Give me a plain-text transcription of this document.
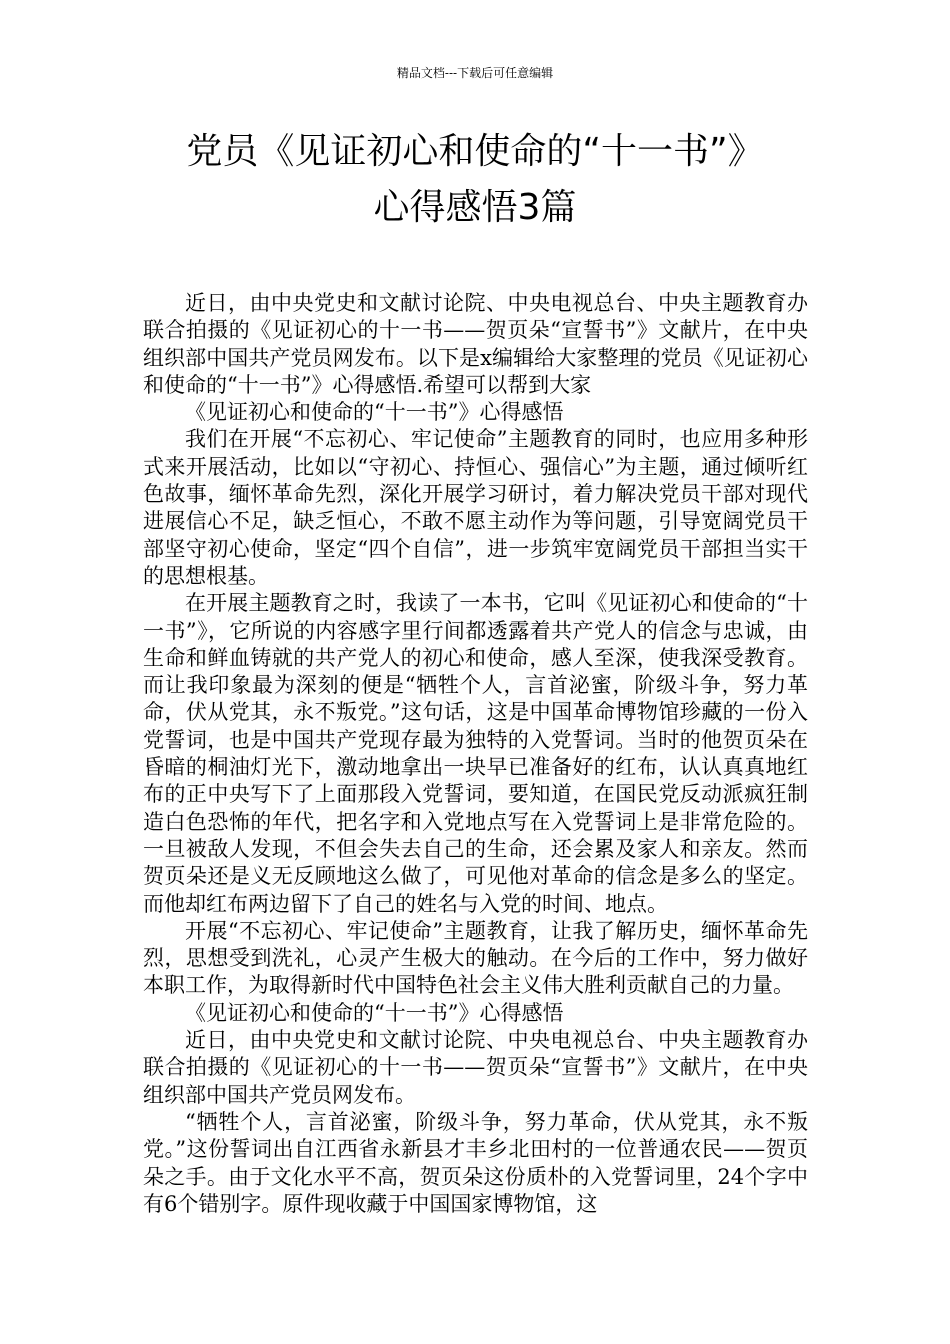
精品文档---下载后可任意编辑
党员《见证初心和使命的“十一书”》
心得感悟3篇

近日，由中央党史和文献讨论院、中央电视总台、中央主题教育办联合拍摄的《见证初心的十一书——贺页朵“宣誓书”》文献片，在中央组织部中国共产党员网发布。以下是x编辑给大家整理的党员《见证初心和使命的“十一书”》心得感悟.希望可以帮到大家

《见证初心和使命的“十一书”》心得感悟

我们在开展“不忘初心、牢记使命”主题教育的同时，也应用多种形式来开展活动，比如以“守初心、持恒心、强信心”为主题，通过倾听红色故事，缅怀革命先烈，深化开展学习研讨，着力解决党员干部对现代进展信心不足，缺乏恒心，不敢不愿主动作为等问题，引导宽阔党员干部坚守初心使命，坚定“四个自信”，进一步筑牢宽阔党员干部担当实干的思想根基。

在开展主题教育之时，我读了一本书，它叫《见证初心和使命的“十一书”》，它所说的内容感字里行间都透露着共产党人的信念与忠诚，由生命和鲜血铸就的共产党人的初心和使命，感人至深，使我深受教育。而让我印象最为深刻的便是“牺牲个人，言首泌蜜，阶级斗争，努力革命，伏从党其，永不叛党。”这句话，这是中国革命博物馆珍藏的一份入党誓词，也是中国共产党现存最为独特的入党誓词。当时的他贺页朵在昏暗的桐油灯光下，激动地拿出一块早已准备好的红布，认认真真地红布的正中央写下了上面那段入党誓词，要知道，在国民党反动派疯狂制造白色恐怖的年代，把名字和入党地点写在入党誓词上是非常危险的。一旦被敌人发现，不但会失去自己的生命，还会累及家人和亲友。然而贺页朵还是义无反顾地这么做了，可见他对革命的信念是多么的坚定。而他却红布两边留下了自己的姓名与入党的时间、地点。

开展“不忘初心、牢记使命”主题教育，让我了解历史，缅怀革命先烈，思想受到洗礼，心灵产生极大的触动。在今后的工作中，努力做好本职工作，为取得新时代中国特色社会主义伟大胜利贡献自己的力量。

《见证初心和使命的“十一书”》心得感悟

近日，由中央党史和文献讨论院、中央电视总台、中央主题教育办联合拍摄的《见证初心的十一书——贺页朵“宣誓书”》文献片，在中央组织部中国共产党员网发布。

“牺牲个人，言首泌蜜，阶级斗争，努力革命，伏从党其，永不叛党。”这份誓词出自江西省永新县才丰乡北田村的一位普通农民——贺页朵之手。由于文化水平不高，贺页朵这份质朴的入党誓词里，24个字中有6个错别字。原件现收藏于中国国家博物馆，这
